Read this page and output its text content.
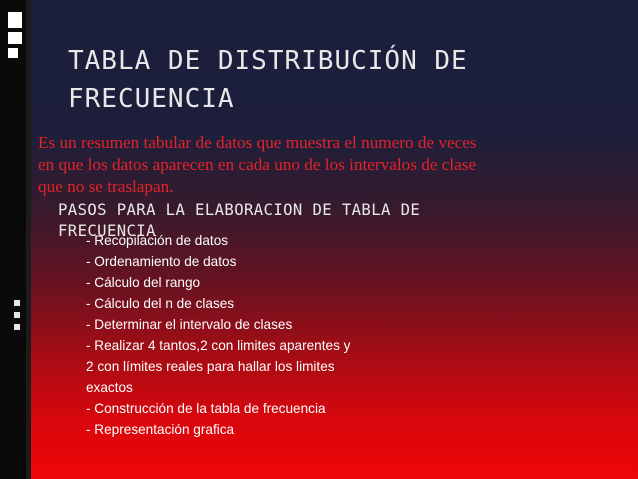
TABLA DE DISTRIBUCIÓN DE
FRECUENCIA
Es un resumen tabular de datos que muestra el numero de veces
en que los datos aparecen en cada uno de los intervalos de clase
que no se traslapan.
- Recopilación de datos
- Ordenamiento de datos
- Cálculo del rango
- Cálculo del n de clases
- Determinar el intervalo de clases
- Realizar 4 tantos,2 con limites aparentes y
2 con límites reales para hallar los limites
exactos
- Construcción de la tabla de frecuencia
- Representación grafica
PASOS PARA LA ELABORACION DE TABLA DE
FRECUENCIA
